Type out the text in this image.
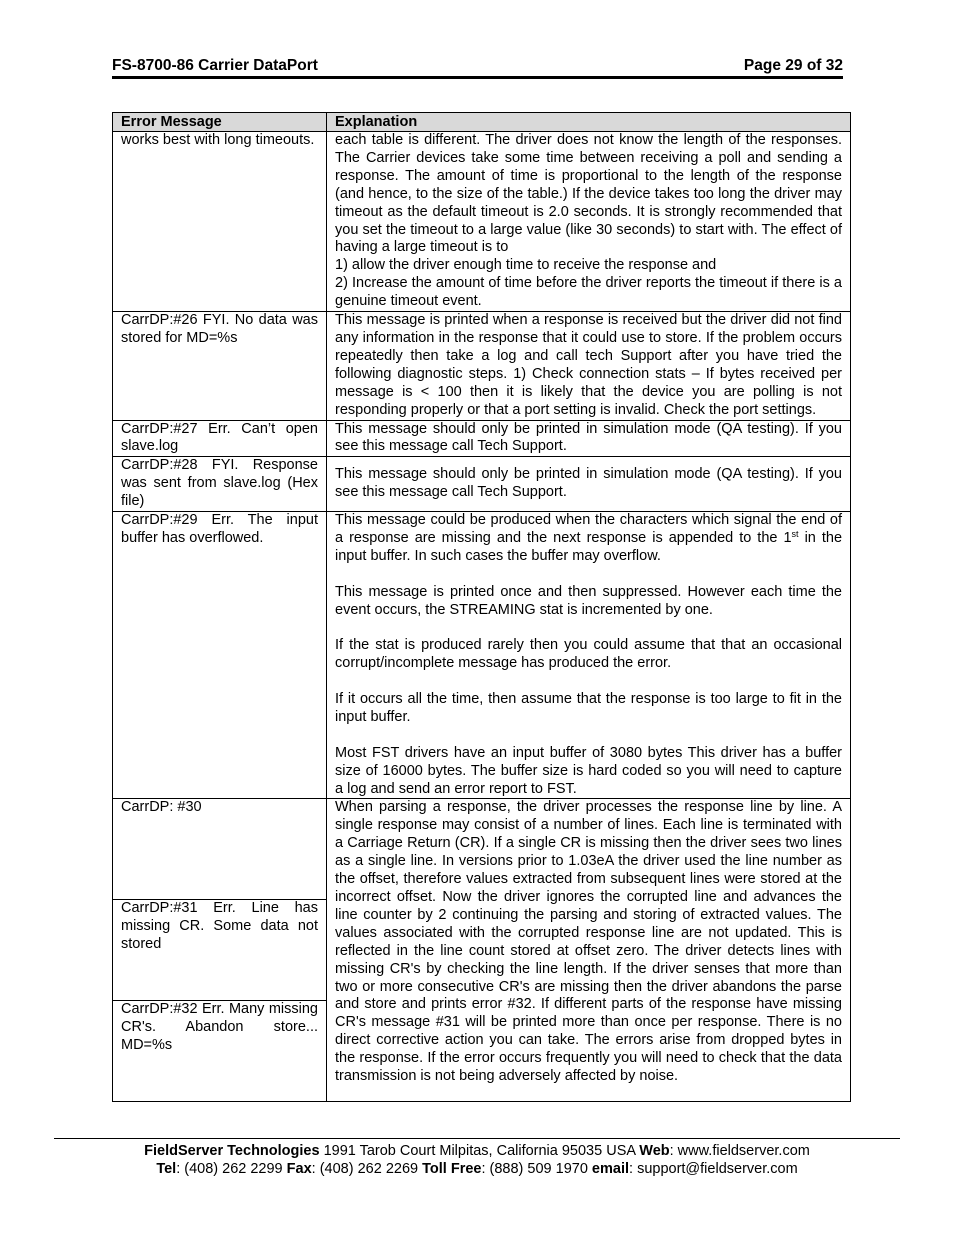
FS-8700-86 Carrier DataPort	Page 29 of 32
Error Message	Explanation
works best with long timeouts.	each table is different. The driver does not know the length of the responses. The Carrier devices take some time between receiving a poll and sending a response. The amount of time is proportional to the length of the response (and hence, to the size of the table.) If the device takes too long the driver may timeout as the default timeout is 2.0 seconds. It is strongly recommended that you set the timeout to a large value (like 30 seconds) to start with. The effect of having a large timeout is to
1) allow the driver enough time to receive the response and
2) Increase the amount of time before the driver reports the timeout if there is a genuine timeout event.

CarrDP:#26 FYI. No data was stored for MD=%s	This message is printed when a response is received but the driver did not find any information in the response that it could use to store. If the problem occurs repeatedly then take a log and call tech Support after you have tried the following diagnostic steps. 1) Check connection stats – If bytes received per message is < 100 then it is likely that the device you are polling is not responding properly or that a port setting is invalid. Check the port settings.
CarrDP:#27 Err. Can’t open slave.log	This message should only be printed in simulation mode (QA testing). If you see this message call Tech Support.
CarrDP:#28 FYI. Response was sent from slave.log (Hex file)	This message should only be printed in simulation mode (QA testing). If you see this message call Tech Support.
CarrDP:#29 Err. The input buffer has overflowed.	This message could be produced when the characters which signal the end of a response are missing and the next response is appended to the 1st in the input buffer. In such cases the buffer may overflow.
This message is printed once and then suppressed. However each time the event occurs, the STREAMING stat is incremented by one.
If the stat is produced rarely then you could assume that that an occasional corrupt/incomplete message has produced the error.
If it occurs all the time, then assume that the response is too large to fit in the input buffer.
Most FST drivers have an input buffer of 3080 bytes This driver has a buffer size of 16000 bytes. The buffer size is hard coded so you will need to capture a log and send an error report to FST.

CarrDP: #30	When parsing a response, the driver processes the response line by line. A single response may consist of a number of lines. Each line is terminated with a Carriage Return (CR). If a single CR is missing then the driver sees two lines as a single line. In versions prior to 1.03eA the driver used the line number as the offset, therefore values extracted from subsequent lines were stored at the incorrect offset. Now the driver ignores the corrupted line and advances the line counter by 2 continuing the parsing and storing of extracted values. The values associated with the corrupted response line are not updated. This is reflected in the line count stored at offset zero. The driver detects lines with missing CR's by checking the line length. If the driver senses that more than two or more consecutive CR's are missing then the driver abandons the parse and store and prints error #32. If different parts of the response have missing CR's message #31 will be printed more than once per response. There is no direct corrective action you can take. The errors arise from dropped bytes in the response. If the error occurs frequently you will need to check that the data transmission is not being adversely affected by noise.
CarrDP:#31 Err. Line has missing CR. Some data not stored	
CarrDP:#32 Err. Many missing CR's. Abandon store... MD=%s	
FieldServer Technologies 1991 Tarob Court Milpitas, California 95035 USA Web: www.fieldserver.com
Tel: (408) 262 2299 Fax: (408) 262 2269 Toll Free: (888) 509 1970 email: support@fieldserver.com
